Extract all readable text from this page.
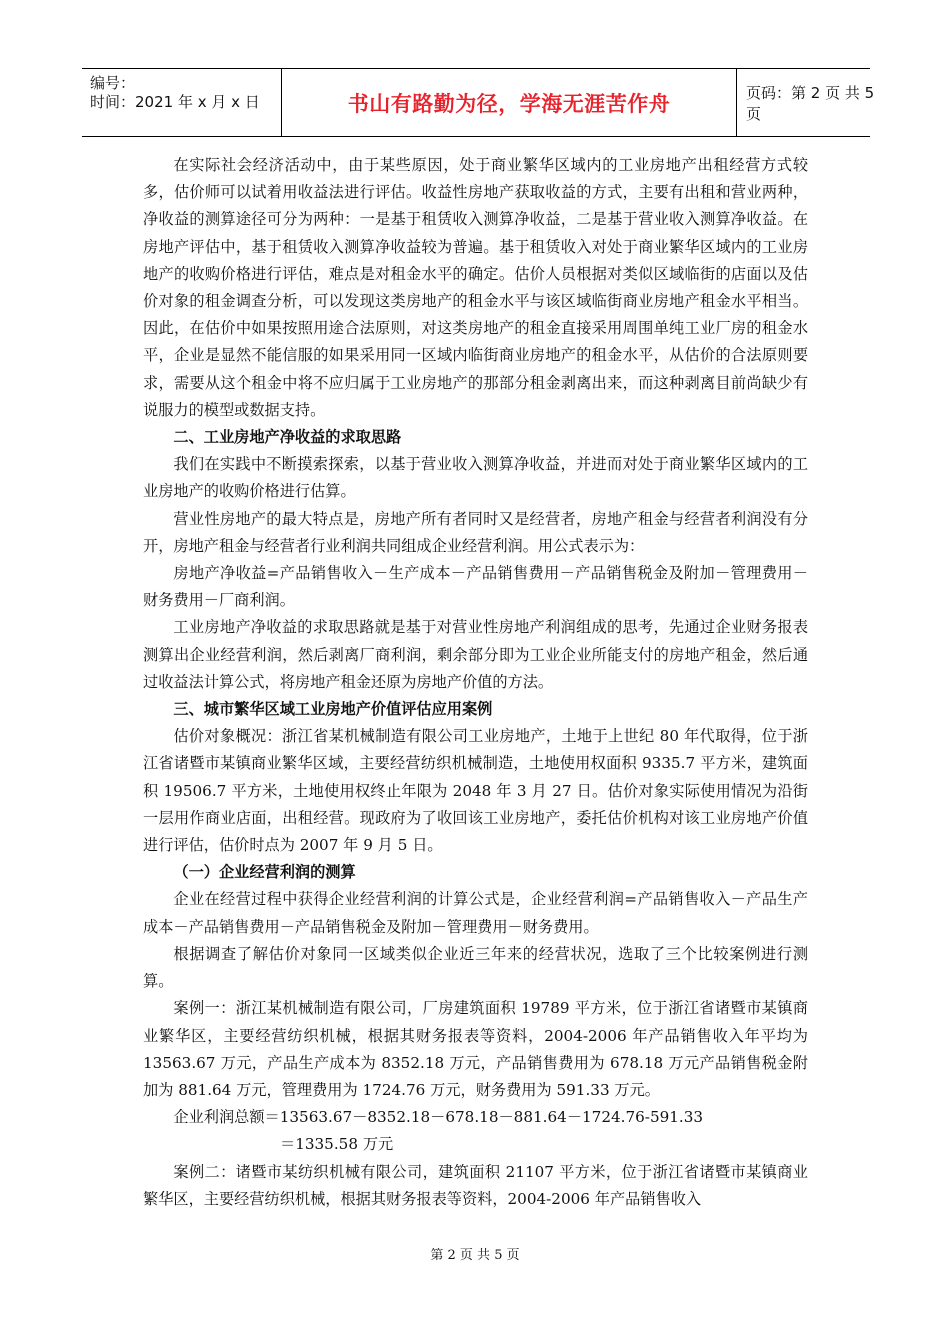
编号：
时间：2021 年 x 月 x 日	书山有路勤为径，学海无涯苦作舟	页码：第 2 页 共 5 页

在实际社会经济活动中，由于某些原因，处于商业繁华区域内的工业房地产出租经营方式较多，估价师可以试着用收益法进行评估。收益性房地产获取收益的方式，主要有出租和营业两种，净收益的测算途径可分为两种：一是基于租赁收入测算净收益，二是基于营业收入测算净收益。在房地产评估中，基于租赁收入测算净收益较为普遍。基于租赁收入对处于商业繁华区域内的工业房地产的收购价格进行评估，难点是对租金水平的确定。估价人员根据对类似区域临街的店面以及估价对象的租金调查分析，可以发现这类房地产的租金水平与该区域临街商业房地产租金水平相当。因此，在估价中如果按照用途合法原则，对这类房地产的租金直接采用周围单纯工业厂房的租金水平，企业是显然不能信服的如果采用同一区域内临街商业房地产的租金水平，从估价的合法原则要求，需要从这个租金中将不应归属于工业房地产的那部分租金剥离出来，而这种剥离目前尚缺少有说服力的模型或数据支持。

二、工业房地产净收益的求取思路

我们在实践中不断摸索探索，以基于营业收入测算净收益，并进而对处于商业繁华区域内的工业房地产的收购价格进行估算。

营业性房地产的最大特点是，房地产所有者同时又是经营者，房地产租金与经营者利润没有分开，房地产租金与经营者行业利润共同组成企业经营利润。用公式表示为：

房地产净收益=产品销售收入－生产成本－产品销售费用－产品销售税金及附加－管理费用－财务费用－厂商利润。

工业房地产净收益的求取思路就是基于对营业性房地产利润组成的思考，先通过企业财务报表测算出企业经营利润，然后剥离厂商利润，剩余部分即为工业企业所能支付的房地产租金，然后通过收益法计算公式，将房地产租金还原为房地产价值的方法。

三、城市繁华区域工业房地产价值评估应用案例

估价对象概况：浙江省某机械制造有限公司工业房地产，土地于上世纪 80 年代取得，位于浙江省诸暨市某镇商业繁华区域，主要经营纺织机械制造，土地使用权面积 9335.7 平方米，建筑面积 19506.7 平方米，土地使用权终止年限为 2048 年 3 月 27 日。估价对象实际使用情况为沿街一层用作商业店面，出租经营。现政府为了收回该工业房地产，委托估价机构对该工业房地产价值进行评估，估价时点为 2007 年 9 月 5 日。

（一）企业经营利润的测算

企业在经营过程中获得企业经营利润的计算公式是，企业经营利润=产品销售收入－产品生产成本－产品销售费用－产品销售税金及附加－管理费用－财务费用。

根据调查了解估价对象同一区域类似企业近三年来的经营状况，选取了三个比较案例进行测算。

案例一：浙江某机械制造有限公司，厂房建筑面积 19789 平方米，位于浙江省诸暨市某镇商业繁华区，主要经营纺织机械，根据其财务报表等资料，2004-2006 年产品销售收入年平均为 13563.67 万元，产品生产成本为 8352.18 万元，产品销售费用为 678.18 万元产品销售税金附加为 881.64 万元，管理费用为 1724.76 万元，财务费用为 591.33 万元。

企业利润总额＝13563.67－8352.18－678.18－881.64－1724.76-591.33

＝1335.58 万元

案例二：诸暨市某纺织机械有限公司，建筑面积 21107 平方米，位于浙江省诸暨市某镇商业繁华区，主要经营纺织机械，根据其财务报表等资料，2004-2006 年产品销售收入

第 2 页 共 5 页
